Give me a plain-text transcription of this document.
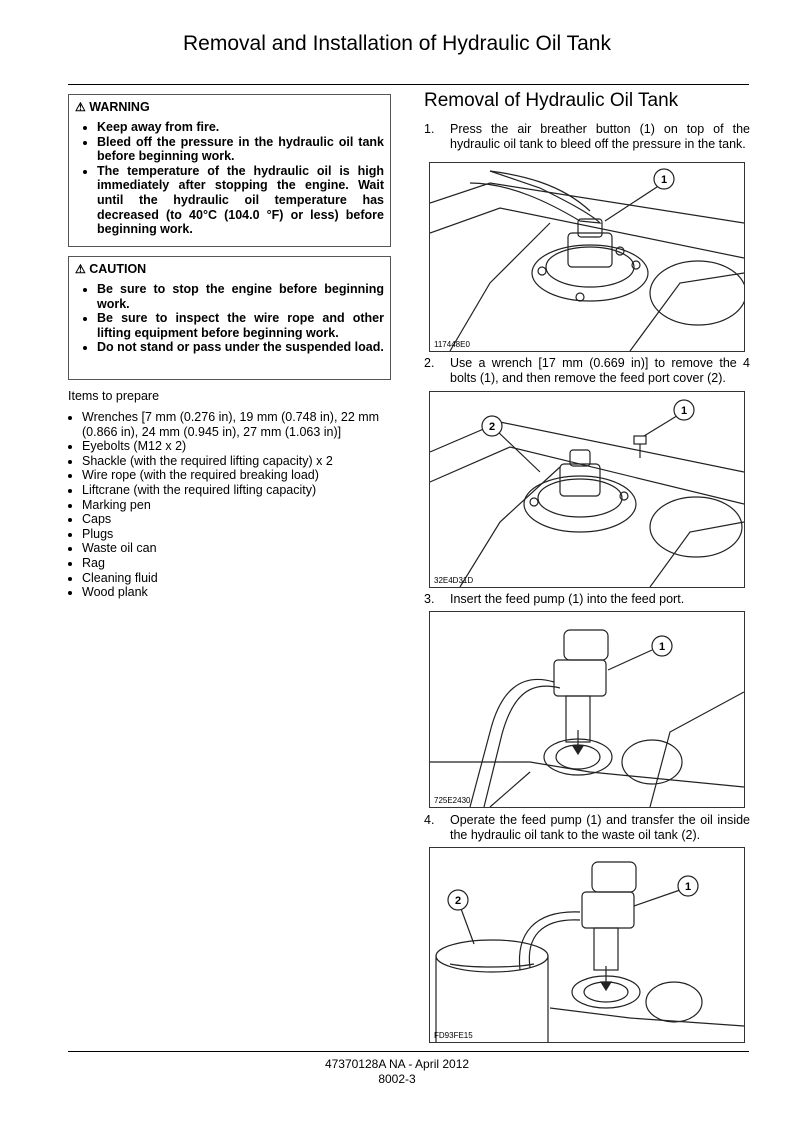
Removal and Installation of Hydraulic Oil Tank

⚠ WARNING

• Keep away from fire.
• Bleed off the pressure in the hydraulic oil tank before beginning work.
• The temperature of the hydraulic oil is high immediately after stopping the engine. Wait until the hydraulic oil temperature has decreased (to 40°C (104.0 °F) or less) before beginning work.

⚠ CAUTION

• Be sure to stop the engine before beginning work.
• Be sure to inspect the wire rope and other lifting equipment before beginning work.
• Do not stand or pass under the suspended load.
Items to prepare
• Wrenches [7 mm (0.276 in), 19 mm (0.748 in), 22 mm (0.866 in), 24 mm (0.945 in), 27 mm (1.063 in)]
• Eyebolts (M12 x 2)
• Shackle (with the required lifting capacity) x 2
• Wire rope (with the required breaking load)
• Liftcrane (with the required lifting capacity)
• Marking pen
• Caps
• Plugs
• Waste oil can
• Rag
• Cleaning fluid
• Wood plank
Removal of Hydraulic Oil Tank
1. Press the air breather button (1) on top of the hydraulic oil tank to bleed off the pressure in the tank.
1
117448E0
2. Use a wrench [17 mm (0.669 in)] to remove the 4 bolts (1), and then remove the feed port cover (2).
1
2
32E4D31D
3. Insert the feed pump (1) into the feed port.
1
725E2430
4. Operate the feed pump (1) and transfer the oil inside the hydraulic oil tank to the waste oil tank (2).
1
2
FD93FE15
47370128A NA - April 2012
8002-3
